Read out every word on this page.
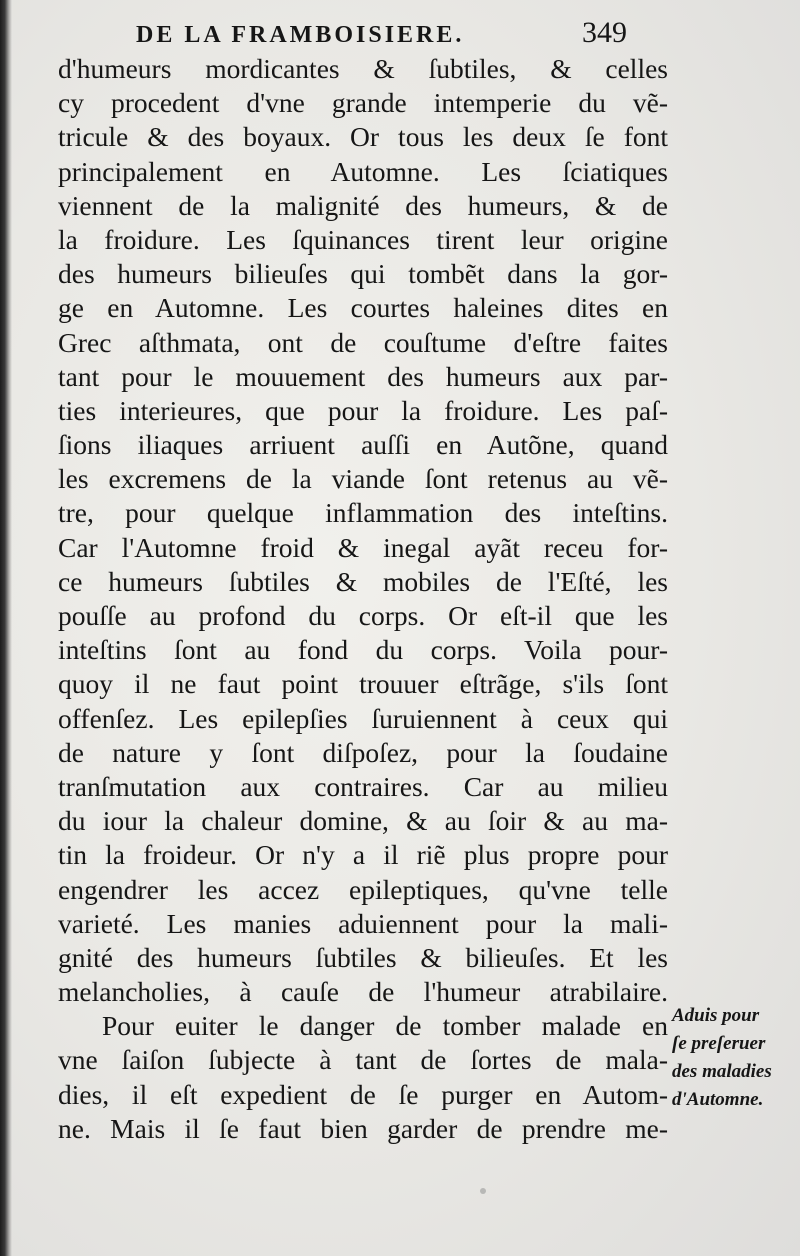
DE LA FRAMBOISIERE.	349
d'humeurs mordicantes & ſubtiles, & celles
cy procedent d'vne grande intemperie du vẽ-
tricule & des boyaux. Or tous les deux ſe font
principalement en Automne. Les ſciatiques
viennent de la malignité des humeurs, & de
la froidure. Les ſquinances tirent leur origine
des humeurs bilieuſes qui tombẽt dans la gor-
ge en Automne. Les courtes haleines dites en
Grec aſthmata, ont de couſtume d'eſtre faites
tant pour le mouuement des humeurs aux par-
ties interieures, que pour la froidure. Les paſ-
ſions iliaques arriuent auſſi en Autõne, quand
les excremens de la viande ſont retenus au vẽ-
tre, pour quelque inflammation des inteſtins.
Car l'Automne froid & inegal ayãt receu for-
ce humeurs ſubtiles & mobiles de l'Eſté, les
pouſſe au profond du corps. Or eſt-il que les
inteſtins ſont au fond du corps. Voila pour-
quoy il ne faut point trouuer eſtrãge, s'ils ſont
offenſez. Les epilepſies ſuruiennent à ceux qui
de nature y ſont diſpoſez, pour la ſoudaine
tranſmutation aux contraires. Car au milieu
du iour la chaleur domine, & au ſoir & au ma-
tin la froideur. Or n'y a il riẽ plus propre pour
engendrer les accez epileptiques, qu'vne telle
varieté. Les manies aduiennent pour la mali-
gnité des humeurs ſubtiles & bilieuſes. Et les
melancholies, à cauſe de l'humeur atrabilaire.
Pour euiter le danger de tomber malade en
vne ſaiſon ſubjecte à tant de ſortes de mala-
dies, il eſt expedient de ſe purger en Autom-
ne. Mais il ſe faut bien garder de prendre me-
Aduis pour
ſe preſeruer
des maladies
d'Automne.
